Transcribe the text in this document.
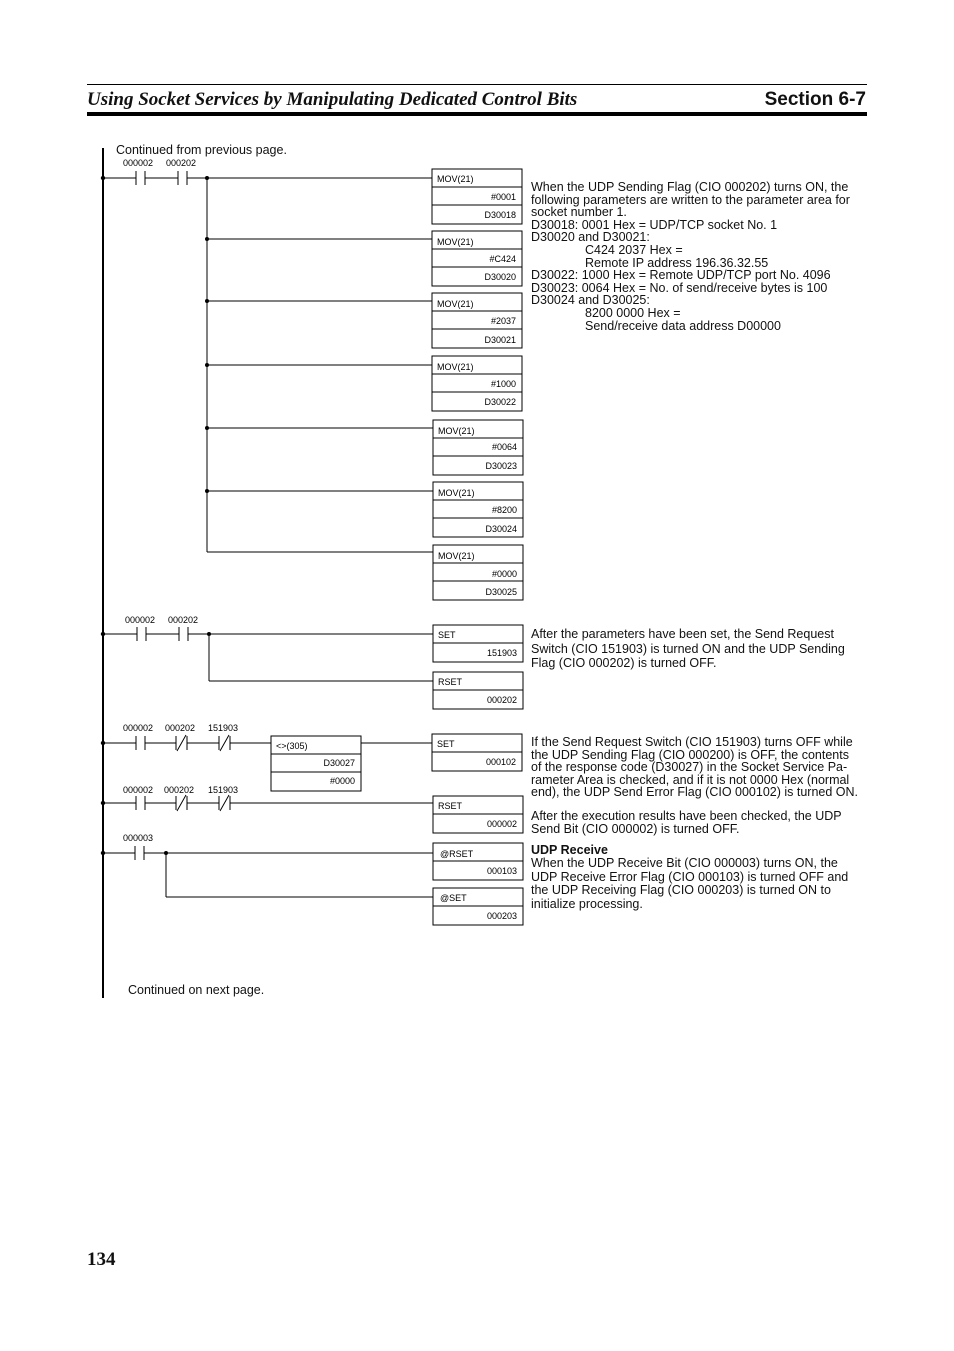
Using Socket Services by Manipulating Dedicated Control Bits	Section 6-7
Continued from previous page.
Continued on next page.
000002 000202
MOV(21)
#0001
D30018
MOV(21)
#C424
D30020
MOV(21)
#2037
D30021
MOV(21)
#1000
D30022
MOV(21)
#0064
D30023
MOV(21)
#8200
D30024
MOV(21)
#0000
D30025
000002 000202
SET
151903
RSET
000202
000002 000202 151903
<>(305)
D30027
#0000
SET
000102
000002 000202 151903
RSET
000002
000003
@RSET
000103
@SET
000203
When the UDP Sending Flag (CIO 000202) turns ON, the
following parameters are written to the parameter area for
socket number 1.
D30018: 0001 Hex = UDP/TCP socket No. 1
D30020 and D30021:
C424 2037 Hex =
Remote IP address 196.36.32.55
D30022: 1000 Hex = Remote UDP/TCP port No. 4096
D30023: 0064 Hex = No. of send/receive bytes is 100
D30024 and D30025:
8200 0000 Hex =
Send/receive data address D00000
After the parameters have been set, the Send Request
Switch (CIO 151903) is turned ON and the UDP Sending
Flag (CIO 000202) is turned OFF.
If the Send Request Switch (CIO 151903) turns OFF while
the UDP Sending Flag (CIO 000200) is OFF, the contents
of the response code (D30027) in the Socket Service Pa-
rameter Area is checked, and if it is not 0000 Hex (normal
end), the UDP Send Error Flag (CIO 000102) is turned ON.
After the execution results have been checked, the UDP
Send Bit (CIO 000002) is turned OFF.
UDP Receive
When the UDP Receive Bit (CIO 000003) turns ON, the
UDP Receive Error Flag (CIO 000103) is turned OFF and
the UDP Receiving Flag (CIO 000203) is turned ON to
initialize processing.
134
